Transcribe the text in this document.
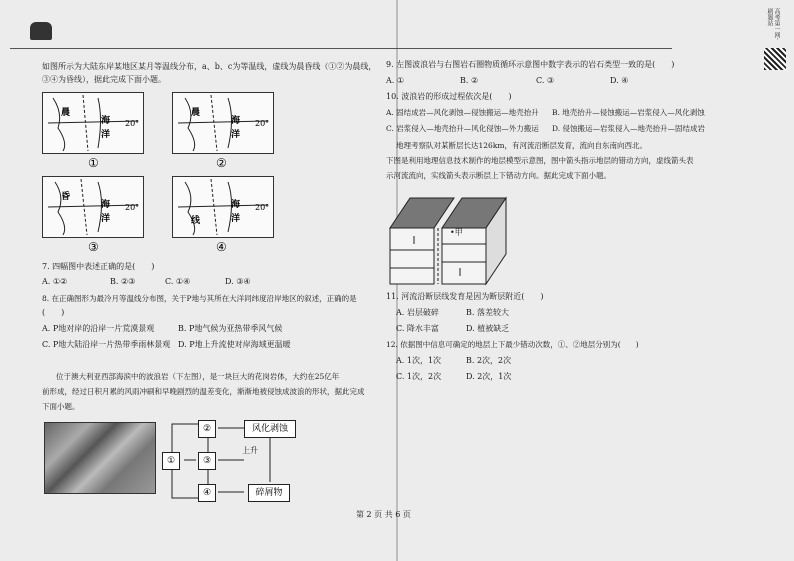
如图所示为大陆东岸某地区某月等温线分布，a、b、c为等温线，虚线为晨昏线（①②为晨线，
③④为昏线），据此完成下面小题。
晨
海
洋
20°
①
晨
海
洋
20°
②
昏
海
洋
20°
③
线
海
洋
20°
④
7. 四幅图中表述正确的是(　　)
A. ①②	B. ②③	C. ①④	D. ③④
8. 在正确图形为最冷月等温线分布图，关于P地与其所在大洋同纬度沿岸地区的叙述，正确的是
(　　)
A. P地对岸的沿岸一片荒漠景观	B. P地气候为亚热带季风气候
C. P地大陆沿岸一片热带季雨林景观 D. P地上升流使对岸海域更温暖
位于澳大利亚西部海滨中的波浪岩（下左图），是一块巨大的花岗岩体，大约在25亿年
前形成，经过日积月累的风雨冲刷和早晚剧烈的温差变化，渐渐地被侵蚀成波浪的形状，据此完成
下面小题。
①
②
③
④
风化剥蚀
上升
碎屑物
高考第一网·刷题站
9. 左图波浪岩与右图岩石圈物质循环示意图中数字表示的岩石类型一致的是(　　)
A. ①	B. ②	C. ③	D. ④
10. 波浪岩的形成过程依次是(　　)
A. 固结成岩—风化剥蚀—侵蚀搬运—地壳抬升 B. 地壳抬升—侵蚀搬运—岩浆侵入—风化剥蚀
C. 岩浆侵入—地壳抬升—风化侵蚀—外力搬运 D. 侵蚀搬运—岩浆侵入—地壳抬升—固结成岩
地理考察队对某断层长达126km，有河流沿断层发育，流向自东南向西北。
下图是利用地理信息技术制作的地层模型示意图，图中箭头指示地层的错动方向，虚线箭头表
示河流流向，实线箭头表示断层上下错动方向。据此完成下面小题。
•甲
11. 河流沿断层线发育是因为断层附近(　　)
A. 岩层破碎	B. 落差较大
C. 降水丰富	D. 植被缺乏
12. 依据图中信息可确定的地层上下最少错动次数，①、②地层分别为(　　)
A. 1次，1次	B. 2次，2次
C. 1次，2次	D. 2次，1次
第 2 页 共 6 页
